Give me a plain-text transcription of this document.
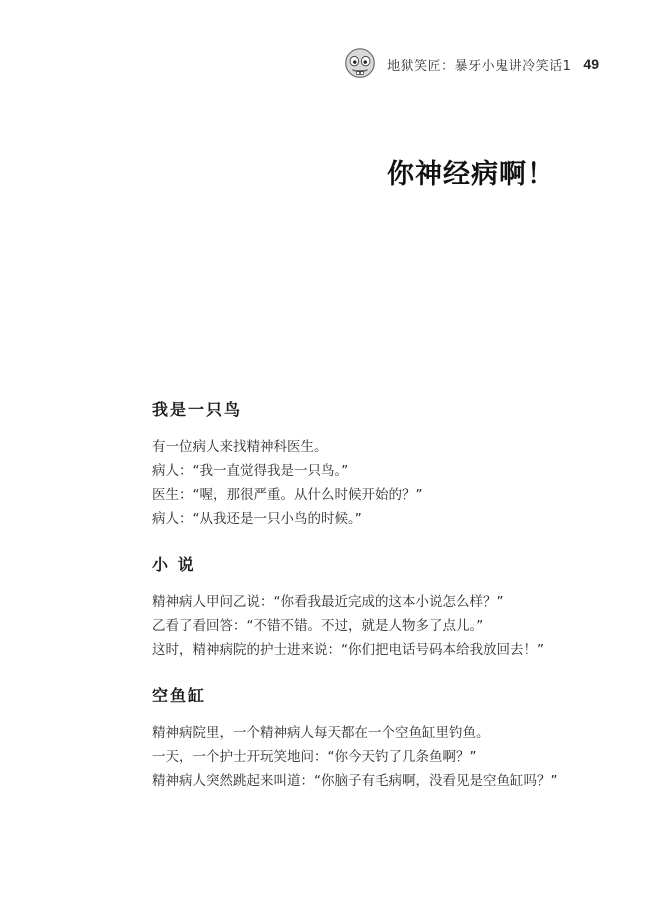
地狱笑匠：暴牙小鬼讲冷笑话1 49
你神经病啊！

我是一只鸟

有一位病人来找精神科医生。

病人：“我一直觉得我是一只鸟。”

医生：“喔，那很严重。从什么时候开始的？”

病人：“从我还是一只小鸟的时候。”

小 说

精神病人甲问乙说：“你看我最近完成的这本小说怎么样？”

乙看了看回答：“不错不错。不过，就是人物多了点儿。”

这时，精神病院的护士进来说：“你们把电话号码本给我放回去！”

空鱼缸

精神病院里，一个精神病人每天都在一个空鱼缸里钓鱼。

一天，一个护士开玩笑地问：“你今天钓了几条鱼啊？”

精神病人突然跳起来叫道：“你脑子有毛病啊，没看见是空鱼缸吗？”
